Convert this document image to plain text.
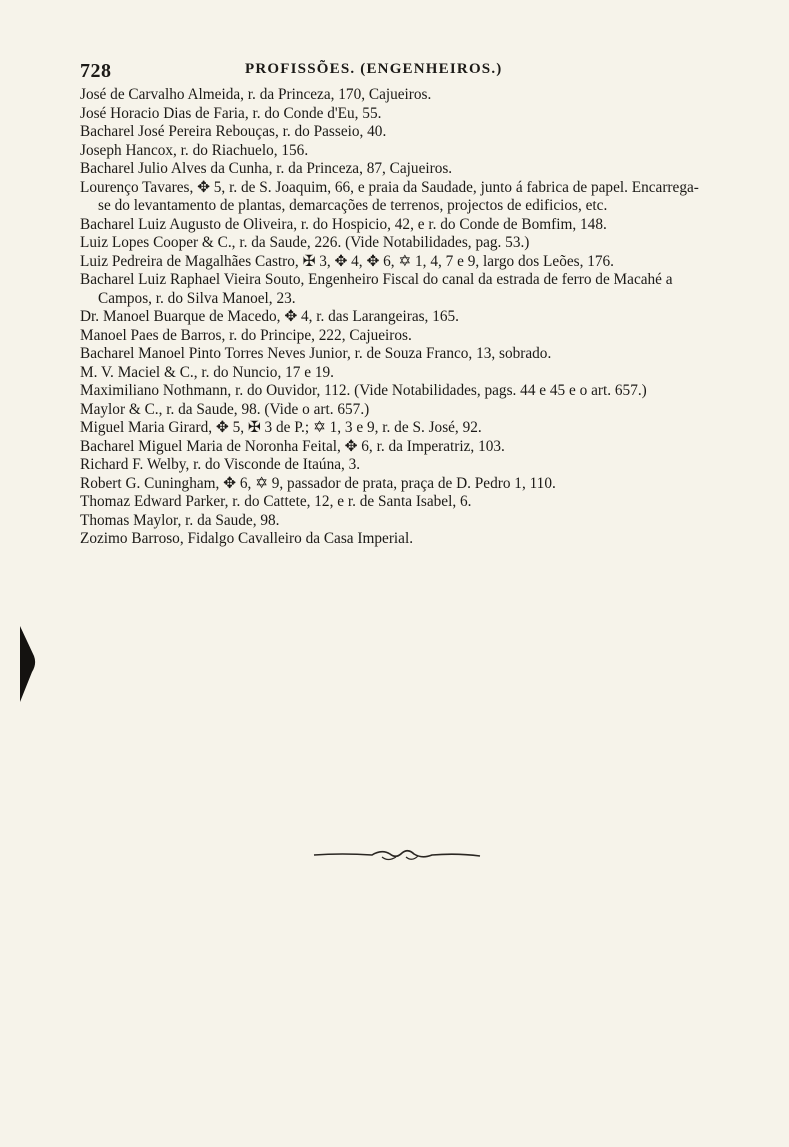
728	PROFISSÕES. (ENGENHEIROS.)
José de Carvalho Almeida, r. da Princeza, 170, Cajueiros.
José Horacio Dias de Faria, r. do Conde d'Eu, 55.
Bacharel José Pereira Rebouças, r. do Passeio, 40.
Joseph Hancox, r. do Riachuelo, 156.
Bacharel Julio Alves da Cunha, r. da Princeza, 87, Cajueiros.
Lourenço Tavares, ✥ 5, r. de S. Joaquim, 66, e praia da Saudade, junto á fabrica de papel. Encarrega-se do levantamento de plantas, demarcações de terrenos, projectos de edificios, etc.
Bacharel Luiz Augusto de Oliveira, r. do Hospicio, 42, e r. do Conde de Bomfim, 148.
Luiz Lopes Cooper & C., r. da Saude, 226. (Vide Notabilidades, pag. 53.)
Luiz Pedreira de Magalhães Castro, ✠ 3, ✥ 4, ✥ 6, ✡ 1, 4, 7 e 9, largo dos Leões, 176.
Bacharel Luiz Raphael Vieira Souto, Engenheiro Fiscal do canal da estrada de ferro de Macahé a Campos, r. do Silva Manoel, 23.
Dr. Manoel Buarque de Macedo, ✥ 4, r. das Larangeiras, 165.
Manoel Paes de Barros, r. do Principe, 222, Cajueiros.
Bacharel Manoel Pinto Torres Neves Junior, r. de Souza Franco, 13, sobrado.
M. V. Maciel & C., r. do Nuncio, 17 e 19.
Maximiliano Nothmann, r. do Ouvidor, 112. (Vide Notabilidades, pags. 44 e 45 e o art. 657.)
Maylor & C., r. da Saude, 98. (Vide o art. 657.)
Miguel Maria Girard, ✥ 5, ✠ 3 de P.; ✡ 1, 3 e 9, r. de S. José, 92.
Bacharel Miguel Maria de Noronha Feital, ✥ 6, r. da Imperatriz, 103.
Richard F. Welby, r. do Visconde de Itaúna, 3.
Robert G. Cuningham, ✥ 6, ✡ 9, passador de prata, praça de D. Pedro 1, 110.
Thomaz Edward Parker, r. do Cattete, 12, e r. de Santa Isabel, 6.
Thomas Maylor, r. da Saude, 98.
Zozimo Barroso, Fidalgo Cavalleiro da Casa Imperial.
